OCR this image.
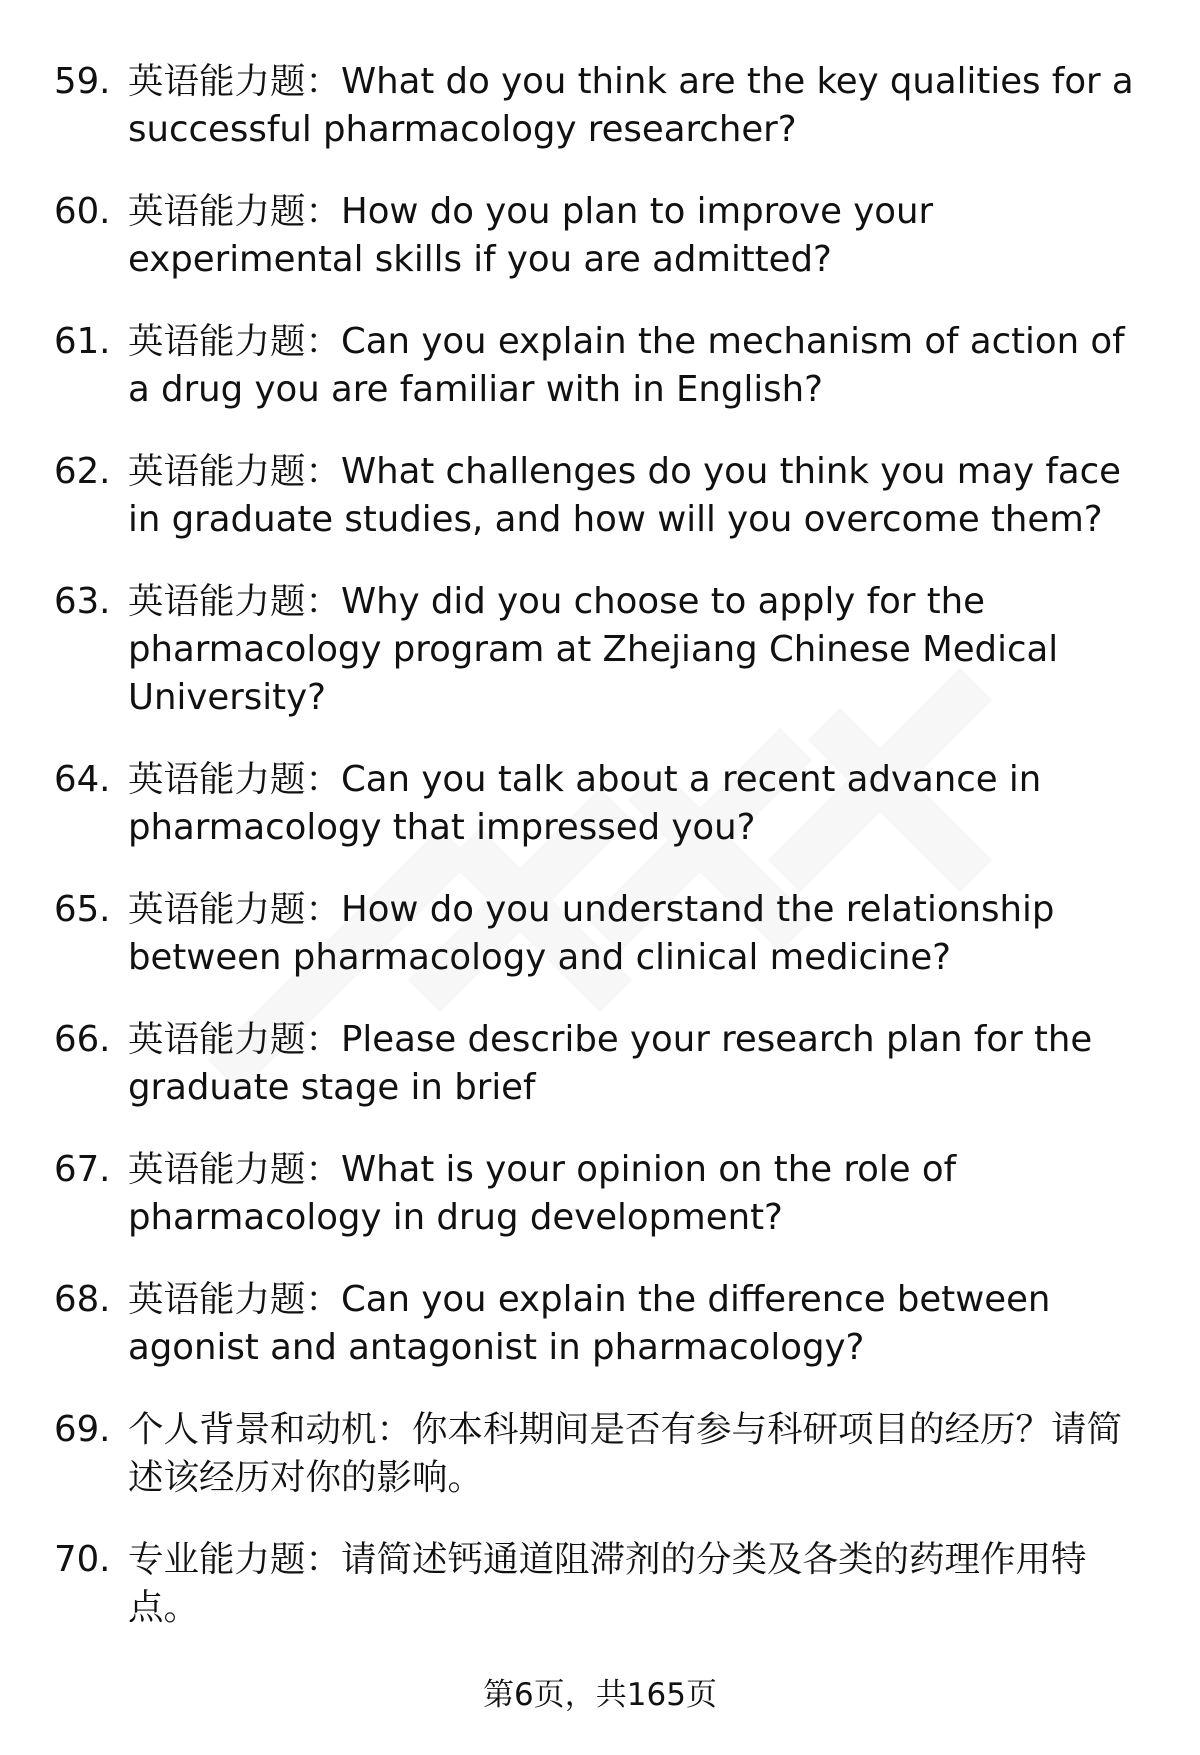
59. 英语能力题：What do you think are the key qualities for a successful pharmacology researcher?
60. 英语能力题：How do you plan to improve your experimental skills if you are admitted?
61. 英语能力题：Can you explain the mechanism of action of a drug you are familiar with in English?
62. 英语能力题：What challenges do you think you may face in graduate studies, and how will you overcome them?
63. 英语能力题：Why did you choose to apply for the pharmacology program at Zhejiang Chinese Medical University?
64. 英语能力题：Can you talk about a recent advance in pharmacology that impressed you?
65. 英语能力题：How do you understand the relationship between pharmacology and clinical medicine?
66. 英语能力题：Please describe your research plan for the graduate stage in brief
67. 英语能力题：What is your opinion on the role of pharmacology in drug development?
68. 英语能力题：Can you explain the difference between agonist and antagonist in pharmacology?
69. 个人背景和动机：你本科期间是否有参与科研项目的经历？请简述该经历对你的影响。
70. 专业能力题：请简述钙通道阻滞剂的分类及各类的药理作用特点。
第6页，共165页
